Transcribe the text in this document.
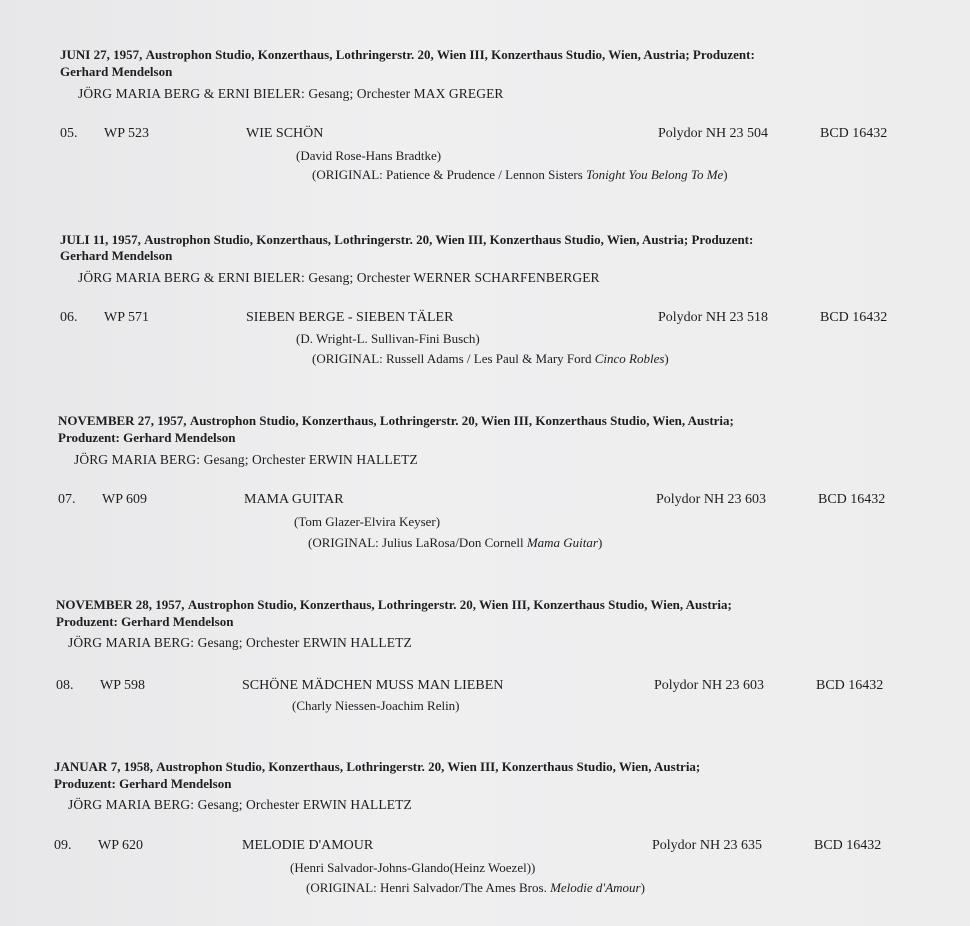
JUNI 27, 1957, Austrophon Studio, Konzerthaus, Lothringerstr. 20, Wien III, Konzerthaus Studio, Wien, Austria; Produzent:
Gerhard Mendelson
JÖRG MARIA BERG & ERNI BIELER: Gesang; Orchester MAX GREGER
05. WP 523	WIE SCHÖN	Polydor NH 23 504	BCD 16432
(David Rose-Hans Bradtke)
(ORIGINAL: Patience & Prudence / Lennon Sisters Tonight You Belong To Me)
JULI 11, 1957, Austrophon Studio, Konzerthaus, Lothringerstr. 20, Wien III, Konzerthaus Studio, Wien, Austria; Produzent:
Gerhard Mendelson
JÖRG MARIA BERG & ERNI BIELER: Gesang; Orchester WERNER SCHARFENBERGER
06. WP 571	SIEBEN BERGE - SIEBEN TÄLER	Polydor NH 23 518	BCD 16432
(D. Wright-L. Sullivan-Fini Busch)
(ORIGINAL: Russell Adams / Les Paul & Mary Ford Cinco Robles)
NOVEMBER 27, 1957, Austrophon Studio, Konzerthaus, Lothringerstr. 20, Wien III, Konzerthaus Studio, Wien, Austria;
Produzent: Gerhard Mendelson
JÖRG MARIA BERG: Gesang; Orchester ERWIN HALLETZ
07. WP 609	MAMA GUITAR	Polydor NH 23 603	BCD 16432
(Tom Glazer-Elvira Keyser)
(ORIGINAL: Julius LaRosa/Don Cornell Mama Guitar)
NOVEMBER 28, 1957, Austrophon Studio, Konzerthaus, Lothringerstr. 20, Wien III, Konzerthaus Studio, Wien, Austria;
Produzent: Gerhard Mendelson
JÖRG MARIA BERG: Gesang; Orchester ERWIN HALLETZ
08. WP 598	SCHÖNE MÄDCHEN MUSS MAN LIEBEN	Polydor NH 23 603	BCD 16432
(Charly Niessen-Joachim Relin)
JANUAR 7, 1958, Austrophon Studio, Konzerthaus, Lothringerstr. 20, Wien III, Konzerthaus Studio, Wien, Austria;
Produzent: Gerhard Mendelson
JÖRG MARIA BERG: Gesang; Orchester ERWIN HALLETZ
09. WP 620	MELODIE D'AMOUR	Polydor NH 23 635	BCD 16432
(Henri Salvador-Johns-Glando(Heinz Woezel))
(ORIGINAL: Henri Salvador/The Ames Bros. Melodie d'Amour)
